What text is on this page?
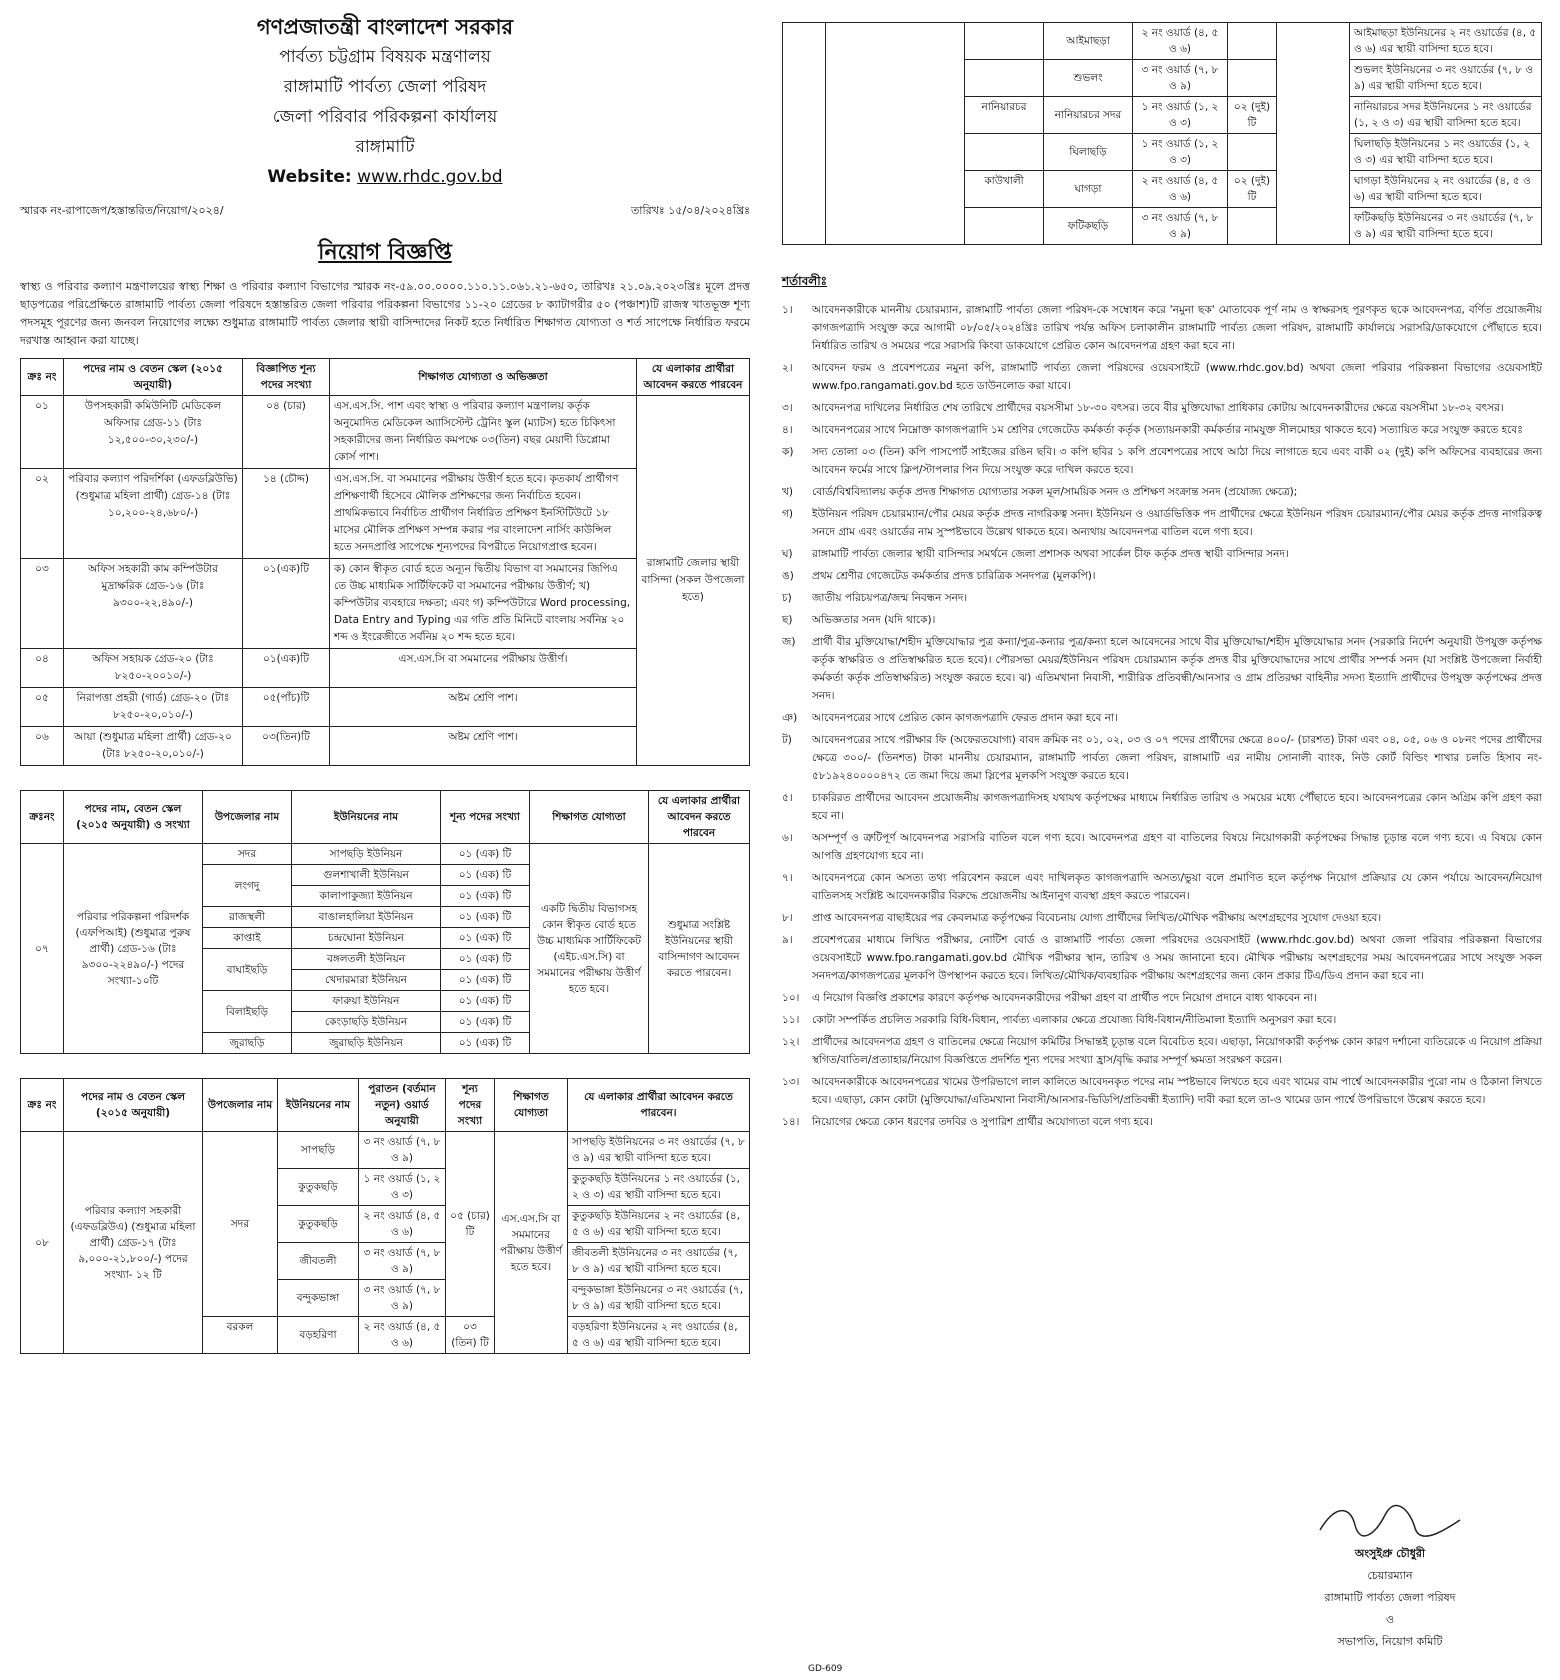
গণপ্রজাতন্ত্রী বাংলাদেশ সরকার
পার্বত্য চট্টগ্রাম বিষয়ক মন্ত্রণালয়
রাঙ্গামাটি পার্বত্য জেলা পরিষদ
জেলা পরিবার পরিকল্পনা কার্যালয়
রাঙ্গামাটি
Website: www.rhdc.gov.bd
স্মারক নং-রাপাজেপ/হস্তান্তরিত/নিয়োগ/২০২৪/	তারিখঃ ১৫/০৪/২০২৪খ্রিঃ
নিয়োগ বিজ্ঞপ্তি
স্বাস্থ্য ও পরিবার কল্যাণ মন্ত্রণালয়ের স্বাস্থ্য শিক্ষা ও পরিবার কল্যাণ বিভাগের স্মারক নং-৫৯.০০.০০০০.১১০.১১.০৬১.২১-৬৫০, তারিখঃ ২১.০৯.২০২৩খ্রিঃ মূলে প্রদত্ত ছাড়পত্রের পরিপ্রেক্ষিতে রাঙ্গামাটি পার্বত্য জেলা পরিষদে হস্তান্তরিত জেলা পরিবার পরিকল্পনা বিভাগের ১১-২০ গ্রেডের ৮ ক্যাটাগরীর ৫০ (পঞ্চাশ)টি রাজস্ব খাতভূক্ত শূণ্য পদসমূহ পূরণের জন্য জনবল নিয়োগের লক্ষ্যে শুধুমাত্র রাঙ্গামাটি পার্বত্য জেলার স্থায়ী বাসিন্দাদের নিকট হতে নির্ধারিত শিক্ষাগত যোগ্যতা ও শর্ত সাপেক্ষে নির্ধারিত ফরমে দরখাস্ত আহ্বান করা যাচ্ছে।
ক্রঃ নং	পদের নাম ও বেতন স্কেল (২০১৫ অনুযায়ী)	বিজ্ঞাপিত শূন্য পদের সংখ্যা	শিক্ষাগত যোগ্যতা ও অভিজ্ঞতা	যে এলাকার প্রার্থীরা আবেদন করতে পারবেন
০১	উপসহকারী কমিউনিটি মেডিকেল অফিসার গ্রেড-১১ (টাঃ ১২,৫০০-৩০,২৩০/-)	০৪ (চার)	এস.এস.সি. পাশ এবং স্বাস্থ্য ও পরিবার কল্যাণ মন্ত্রণালয় কর্তৃক অনুমোদিত মেডিকেল অ্যাসিস্টেন্ট ট্রেনিং স্কুল (ম্যাটস) হতে চিকিৎসা সহকারীদের জন্য নির্ধারিত কমপক্ষে ০৩(তিন) বছর মেয়াদী ডিপ্লোমা কোর্স পাশ।	রাঙ্গামাটি জেলার স্থায়ী বাসিন্দা (সকল উপজেলা হতে)
০২	পরিবার কল্যাণ পরিদর্শিকা (এফডব্লিউভি) (শুধুমাত্র মহিলা প্রার্থী) গ্রেড-১৪ (টাঃ ১০,২০০-২৪,৬৮০/-)	১৪ (চৌদ্দ)	এস.এস.সি. বা সমমানের পরীক্ষায় উত্তীর্ণ হতে হবে। কৃতকার্য প্রার্থীগণ প্রশিক্ষণার্থী হিসেবে মৌলিক প্রশিক্ষণের জন্য নির্বাচিত হবেন। প্রাথমিকভাবে নির্বাচিত প্রার্থীগণ নির্ধারিত প্রশিক্ষণ ইনস্টিটিউটে ১৮ মাসের মৌলিক প্রশিক্ষণ সম্পন্ন করার পর বাংলাদেশ নার্সিং কাউন্সিল হতে সনদপ্রাপ্তি সাপেক্ষে শূন্যপদের বিপরীতে নিয়োগপ্রাপ্ত হবেন।	
০৩	অফিস সহকারী কাম কম্পিউটার মুদ্রাক্ষরিক গ্রেড-১৬ (টাঃ ৯৩০০-২২,৪৯০/-)	০১(এক)টি	ক) কোন স্বীকৃত বোর্ড হতে অন্যূন দ্বিতীয় বিভাগ বা সমমানের জিপিএ তে উচ্চ মাধ্যমিক সার্টিফিকেট বা সমমানের পরীক্ষায় উত্তীর্ণ; খ) কম্পিউটার ব্যবহারে দক্ষতা; এবং গ) কম্পিউটারে Word processing, Data Entry and Typing এর গতি প্রতি মিনিটে বাংলায় সর্বনিম্ন ২০ শব্দ ও ইংরেজীতে সর্বনিম্ন ২০ শব্দ হতে হবে।	
০৪	অফিস সহায়ক গ্রেড-২০ (টাঃ ৮২৫০-২০০১০/-)	০১(এক)টি	এস.এস.সি বা সমমানের পরীক্ষায় উত্তীর্ণ।	
০৫	নিরাপত্তা প্রহরী (গার্ড) গ্রেড-২০ (টাঃ ৮২৫০-২০,০১০/-)	০৫(পাঁচ)টি	অষ্টম শ্রেণি পাশ।	
০৬	আয়া (শুধুমাত্র মহিলা প্রার্থী) গ্রেড-২০ (টাঃ ৮২৫০-২০,০১০/-)	০৩(তিন)টি	অষ্টম শ্রেণি পাশ।	
ক্রঃনং	পদের নাম, বেতন স্কেল (২০১৫ অনুযায়ী) ও সংখ্যা	উপজেলার নাম	ইউনিয়নের নাম	শূন্য পদের সংখ্যা	শিক্ষাগত যোগ্যতা	যে এলাকার প্রার্থীরা আবেদন করতে পারবেন
০৭	পরিবার পরিকল্পনা পরিদর্শক (এফপিআই) (শুধুমাত্র পুরুষ প্রার্থী) গ্রেড-১৬ (টাঃ ৯৩০০-২২৪৯০/-) পদের সংখ্যা-১০টি	সদর	সাপছড়ি ইউনিয়ন	০১ (এক) টি	একটি দ্বিতীয় বিভাগসহ কোন স্বীকৃত বোর্ড হতে উচ্চ মাধ্যমিক সার্টিফিকেট (এইচ.এস.সি) বা সমমানের পরীক্ষায় উত্তীর্ণ হতে হবে।	শুধুমাত্র সংশ্লিষ্ট ইউনিয়নের স্থায়ী বাসিন্দাগণ আবেদন করতে পারবেন।
		লংগদু	গুলশাখালী ইউনিয়ন	০১ (এক) টি		
			কালাপাকুজ্যা ইউনিয়ন	০১ (এক) টি		
		রাজস্থলী	বাঙালহালিয়া ইউনিয়ন	০১ (এক) টি		
		কাপ্তাই	চন্দ্রঘোনা ইউনিয়ন	০১ (এক) টি		
		বাঘাইছড়ি	বঙ্গলতলী ইউনিয়ন	০১ (এক) টি		
			খেদারমারা ইউনিয়ন	০১ (এক) টি		
		বিলাইছড়ি	ফারুয়া ইউনিয়ন	০১ (এক) টি		
			কেংড়াছড়ি ইউনিয়ন	০১ (এক) টি		
		জুরাছড়ি	জুরাছড়ি ইউনিয়ন	০১ (এক) টি		
ক্রঃ নং	পদের নাম ও বেতন স্কেল (২০১৫ অনুযায়ী)	উপজেলার নাম	ইউনিয়নের নাম	পুরাতন (বর্তমান নতুন) ওয়ার্ড অনুযায়ী	শূন্য পদের সংখ্যা	শিক্ষাগত যোগ্যতা	যে এলাকার প্রার্থীরা আবেদন করতে পারবেন।
০৮	পরিবার কল্যাণ সহকারী (এফডব্লিউএ) (শুধুমাত্র মহিলা প্রার্থী) গ্রেড-১৭ (টাঃ ৯,০০০-২১,৮০০/-) পদের সংখ্যা- ১২ টি	সদর	সাপছড়ি	৩ নং ওয়ার্ড (৭, ৮ ও ৯)	০৫ (চার) টি	এস.এস.সি বা সমমানের পরীক্ষায় উত্তীর্ণ হতে হবে।	সাপছড়ি ইউনিয়নের ৩ নং ওয়ার্ডের (৭, ৮ ও ৯) এর স্থায়ী বাসিন্দা হতে হবে।
			কুতুকছড়ি	১ নং ওয়ার্ড (১, ২ ও ৩)			কুতুকছড়ি ইউনিয়নের ১ নং ওয়ার্ডের (১, ২ ও ৩) এর স্থায়ী বাসিন্দা হতে হবে।
			কুতুকছড়ি	২ নং ওয়ার্ড (৪, ৫ ও ৬)			কুতুকছড়ি ইউনিয়নের ২ নং ওয়ার্ডের (৪, ৫ ও ৬) এর স্থায়ী বাসিন্দা হতে হবে।
			জীবতলী	৩ নং ওয়ার্ড (৭, ৮ ও ৯)			জীবতলী ইউনিয়নের ৩ নং ওয়ার্ডের (৭, ৮ ও ৯) এর স্থায়ী বাসিন্দা হতে হবে।
			বন্দুকভাঙ্গা	৩ নং ওয়ার্ড (৭, ৮ ও ৯)			বন্দুকভাঙ্গা ইউনিয়নের ৩ নং ওয়ার্ডের (৭, ৮ ও ৯) এর স্থায়ী বাসিন্দা হতে হবে।
		বরকল	বড়হরিণা	২ নং ওয়ার্ড (৪, ৫ ও ৬)	০৩ (তিন) টি		বড়হরিণা ইউনিয়নের ২ নং ওয়ার্ডের (৪, ৫ ও ৬) এর স্থায়ী বাসিন্দা হতে হবে।
			আইমাছড়া	২ নং ওয়ার্ড (৪, ৫ ও ৬)			আইমাছড়া ইউনিয়নের ২ নং ওয়ার্ডের (৪, ৫ ও ৬) এর স্থায়ী বাসিন্দা হতে হবে।
			শুভলং	৩ নং ওয়ার্ড (৭, ৮ ও ৯)			শুভলং ইউনিয়নের ৩ নং ওয়ার্ডের (৭, ৮ ও ৯) এর স্থায়ী বাসিন্দা হতে হবে।
		নানিয়ারচর	নানিয়ারচর সদর	১ নং ওয়ার্ড (১, ২ ও ৩)	০২ (দুই) টি		নানিয়ারচর সদর ইউনিয়নের ১ নং ওয়ার্ডের (১, ২ ও ৩) এর স্থায়ী বাসিন্দা হতে হবে।
			ঘিলাছড়ি	১ নং ওয়ার্ড (১, ২ ও ৩)			ঘিলাছড়ি ইউনিয়নের ১ নং ওয়ার্ডের (১, ২ ও ৩) এর স্থায়ী বাসিন্দা হতে হবে।
		কাউখালী	ঘাগড়া	২ নং ওয়ার্ড (৪, ৫ ও ৬)	০২ (দুই) টি		ঘাগড়া ইউনিয়নের ২ নং ওয়ার্ডের (৪, ৫ ও ৬) এর স্থায়ী বাসিন্দা হতে হবে।
			ফটিকছড়ি	৩ নং ওয়ার্ড (৭, ৮ ও ৯)			ফটিকছড়ি ইউনিয়নের ৩ নং ওয়ার্ডের (৭, ৮ ও ৯) এর স্থায়ী বাসিন্দা হতে হবে।
শর্তাবলীঃ
১।	আবেদনকারীকে মাননীয় চেয়ারম্যান, রাঙ্গামাটি পার্বত্য জেলা পরিষদ-কে সম্বোধন করে 'নমুনা ছক' মোতাবেক পূর্ণ নাম ও স্বাক্ষরসহ পূরণকৃত ছকে আবেদনপত্র, বর্ণিত প্রয়োজনীয় কাগজপত্রাদি সংযুক্ত করে আগামী ০৮/০৫/২০২৪খ্রিঃ তারিখ পর্যন্ত অফিস চলাকালীন রাঙ্গামাটি পার্বত্য জেলা পরিষদ, রাঙ্গামাটি কার্যালয়ে সরাসরি/ডাকযোগে পৌঁছাতে হবে। নির্ধারিত তারিখ ও সময়ের পরে সরাসরি কিংবা ডাকযোগে প্রেরিত কোন আবেদনপত্র গ্রহণ করা হবে না।
২।	আবেদন ফরম ও প্রবেশপত্রের নমুনা কপি, রাঙ্গামাটি পার্বত্য জেলা পরিষদের ওয়েবসাইটে (www.rhdc.gov.bd) অথবা জেলা পরিবার পরিকল্পনা বিভাগের ওয়েবসাইট www.fpo.rangamati.gov.bd হতে ডাউনলোড করা যাবে।
৩।	আবেদনপত্র দাখিলের নির্ধারিত শেষ তারিখে প্রার্থীদের বয়সসীমা ১৮-৩০ বৎসর। তবে বীর মুক্তিযোদ্ধা প্রাধিকার কোটায় আবেদনকারীদের ক্ষেত্রে বয়সসীমা ১৮-৩২ বৎসর।
৪।	আবেদনপত্রের সাথে নিম্নোক্ত কাগজপত্রাদি ১ম শ্রেণির গেজেটেড কর্মকর্তা কর্তৃক (সত্যায়নকারী কর্মকর্তার নামযুক্ত সীলমোহর থাকতে হবে) সত্যায়িত করে সংযুক্ত করতে হবেঃ
ক)	সদ্য তোলা ০৩ (তিন) কপি পাসপোর্ট সাইজের রঙিন ছবি। ৩ কপি ছবির ১ কপি প্রবেশপত্রের সাথে আঠা দিয়ে লাগাতে হবে এবং বাকী ০২ (দুই) কপি অফিসের ব্যবহারের জন্য আবেদন ফর্মের সাথে ক্লিপ/স্টাপলার পিন দিয়ে সংযুক্ত করে দাখিল করতে হবে।
খ)	বোর্ড/বিশ্ববিদ্যালয় কর্তৃক প্রদত্ত শিক্ষাগত যোগ্যতার সকল মূল/সাময়িক সনদ ও প্রশিক্ষণ সংক্রান্ত সনদ (প্রযোজ্য ক্ষেত্রে);
গ)	ইউনিয়ন পরিষদ চেয়ারম্যান/পৌর মেয়র কর্তৃক প্রদত্ত নাগরিকত্ব সনদ। ইউনিয়ন ও ওয়ার্ডভিত্তিক পদ প্রার্থীদের ক্ষেত্রে ইউনিয়ন পরিষদ চেয়ারম্যান/পৌর মেয়র কর্তৃক প্রদত্ত নাগরিকত্ব সনদে গ্রাম এবং ওয়ার্ডের নাম সুস্পষ্টভাবে উল্লেখ থাকতে হবে। অন্যথায় আবেদনপত্র বাতিল বলে গণ্য হবে।
ঘ)	রাঙ্গামাটি পার্বত্য জেলার স্থায়ী বাসিন্দার সমর্থনে জেলা প্রশাসক অথবা সার্কেল চীফ কর্তৃক প্রদত্ত স্থায়ী বাসিন্দার সনদ।
ঙ)	প্রথম শ্রেণীর গেজেটেড কর্মকর্তার প্রদত্ত চারিত্রিক সনদপত্র (মূলকপি)।
চ)	জাতীয় পরিচয়পত্র/জন্ম নিবন্ধন সনদ।
ছ)	অভিজ্ঞতার সনদ (যদি থাকে)।
জ)	প্রার্থী বীর মুক্তিযোদ্ধা/শহীদ মুক্তিযোদ্ধার পুত্র কন্যা/পুত্র-কন্যার পুত্র/কন্যা হলে আবেদনের সাথে বীর মুক্তিযোদ্ধা/শহীদ মুক্তিযোদ্ধার সনদ (সরকারি নির্দেশ অনুযায়ী উপযুক্ত কর্তৃপক্ষ কর্তৃক স্বাক্ষরিত ও প্রতিস্বাক্ষরিত হতে হবে)। পৌরসভা মেয়র/ইউনিয়ন পরিষদ চেয়ারম্যান কর্তৃক প্রদত্ত বীর মুক্তিযোদ্ধাদের সাথে প্রার্থীর সম্পর্ক সনদ (যা সংশ্লিষ্ট উপজেলা নির্বাহী কর্মকর্তা কর্তৃক প্রতিস্বাক্ষরিত) সংযুক্ত করতে হবে। ঝ) এতিমখানা নিবাসী, শারীরিক প্রতিবন্ধী/আনসার ও গ্রাম প্রতিরক্ষা বাহিনীর সদস্য ইত্যাদি প্রার্থীদের উপযুক্ত কর্তৃপক্ষের প্রদত্ত সনদ।
ঞ)	আবেদনপত্রের সাথে প্রেরিত কোন কাগজপত্রাদি ফেরত প্রদান করা হবে না।
ট)	আবেদনপত্রের সাথে পরীক্ষার ফি (অফেরতযোগ্য) বাবদ ক্রমিক নং ০১, ০২, ০৩ ও ০৭ পদের প্রার্থীদের ক্ষেত্রে ৪০০/- (চারশত) টাকা এবং ০৪, ০৫, ০৬ ও ০৮নং পদের প্রার্থীদের ক্ষেত্রে ৩০০/- (তিনশত) টাকা মাননীয় চেয়ারম্যান, রাঙ্গামাটি পার্বত্য জেলা পরিষদ, রাঙ্গামাটি এর নামীয় সোনালী ব্যাংক, নিউ কোর্ট বিল্ডিং শাখার চলতি হিসাব নং- ৫৮১৯২৪০০০০৪৭২ তে জমা দিয়ে জমা স্লিপের মূলকপি সংযুক্ত করতে হবে।
৫।	চাকরিরত প্রার্থীদের আবেদন প্রয়োজনীয় কাগজপত্রাদিসহ যথাযথ কর্তৃপক্ষের মাধ্যমে নির্ধারিত তারিখ ও সময়ের মধ্যে পৌঁছাতে হবে। আবেদনপত্রের কোন অগ্রিম কপি গ্রহণ করা হবে না।
৬।	অসম্পূর্ণ ও ত্রুটিপূর্ণ আবেদনপত্র সরাসরি বাতিল বলে গণ্য হবে। আবেদনপত্র গ্রহণ বা বাতিলের বিষয়ে নিয়োগকারী কর্তৃপক্ষের সিদ্ধান্ত চূড়ান্ত বলে গণ্য হবে। এ বিষয়ে কোন আপত্তি গ্রহণযোগ্য হবে না।
৭।	আবেদনপত্রে কোন অসত্য তথ্য পরিবেশন করলে এবং দাখিলকৃত কাগজপত্রাদি অসত্য/ভুয়া বলে প্রমাণিত হলে কর্তৃপক্ষ নিয়োগ প্রক্রিয়ার যে কোন পর্যায়ে আবেদন/নিয়োগ বাতিলসহ সংশ্লিষ্ট আবেদনকারীর বিরুদ্ধে প্রয়োজনীয় আইনানুগ ব্যবস্থা গ্রহণ করতে পারবেন।
৮।	প্রাপ্ত আবেদনপত্র বাছাইয়ের পর কেবলমাত্র কর্তৃপক্ষের বিবেচনায় যোগ্য প্রার্থীদের লিখিত/মৌখিক পরীক্ষায় অংশগ্রহণের সুযোগ দেওয়া হবে।
৯।	প্রবেশপত্রের মাধ্যমে লিখিত পরীক্ষার, নোটিশ বোর্ড ও রাঙ্গামাটি পার্বত্য জেলা পরিষদের ওয়েবসাইট (www.rhdc.gov.bd) অথবা জেলা পরিবার পরিকল্পনা বিভাগের ওয়েবসাইটে www.fpo.rangamati.gov.bd মৌখিক পরীক্ষার স্থান, তারিখ ও সময় জানানো হবে। মৌখিক পরীক্ষায় অংশগ্রহণের সময় আবেদনপত্রের সাথে সংযুক্ত সকল সনদপত্র/কাগজপত্রের মূলকপি উপস্থাপন করতে হবে। লিখিত/মৌখিক/ব্যবহারিক পরীক্ষায় অংশগ্রহণের জন্য কোন প্রকার টিএ/ডিএ প্রদান করা হবে না।
১০।	এ নিয়োগ বিজ্ঞপ্তি প্রকাশের কারণে কর্তৃপক্ষ আবেদনকারীদের পরীক্ষা গ্রহণ বা প্রার্থীত পদে নিয়োগ প্রদানে বাধ্য থাকবেন না।
১১।	কোটা সম্পর্কিত প্রচলিত সরকারি বিধি-বিধান, পার্বত্য এলাকার ক্ষেত্রে প্রযোজ্য বিধি-বিধান/নীতিমালা ইত্যাদি অনুসরণ করা হবে।
১২।	প্রার্থীদের আবেদনপত্র গ্রহণ ও বাতিলের ক্ষেত্রে নিয়োগ কমিটির সিদ্ধান্তই চূড়ান্ত বলে বিবেচিত হবে। এছাড়া, নিয়োগকারী কর্তৃপক্ষ কোন কারণ দর্শানো ব্যতিরেকে এ নিয়োগ প্রক্রিয়া স্থগিত/বাতিল/প্রত্যাহার/নিয়োগ বিজ্ঞপ্তিতে প্রদর্শিত শূন্য পদের সংখ্যা হ্রাস/বৃদ্ধি করার সম্পূর্ণ ক্ষমতা সংরক্ষণ করেন।
১৩।	আবেদনকারীকে আবেদনপত্রের খামের উপরিভাগে লাল কালিতে আবেদনকৃত পদের নাম স্পষ্টভাবে লিখতে হবে এবং খামের বাম পার্শ্বে আবেদনকারীর পুরো নাম ও ঠিকানা লিখতে হবে। এছাড়া, কোন কোটা (মুক্তিযোদ্ধা/এতিমখানা নিবাসী/আনসার-ভিডিপি/প্রতিবন্ধী ইত্যাদি) দাবী করা হলে তা-ও খামের ডান পার্শ্বে উপরিভাগে উল্লেখ করতে হবে।
১৪।	নিয়োগের ক্ষেত্রে কোন ধরণের তদবির ও সুপারিশ প্রার্থীর অযোগ্যতা বলে গণ্য হবে।
অংসুইপ্রু চৌধুরী
চেয়ারম্যান
রাঙ্গামাটি পার্বত্য জেলা পরিষদ
ও
সভাপতি, নিয়োগ কমিটি
GD-609
